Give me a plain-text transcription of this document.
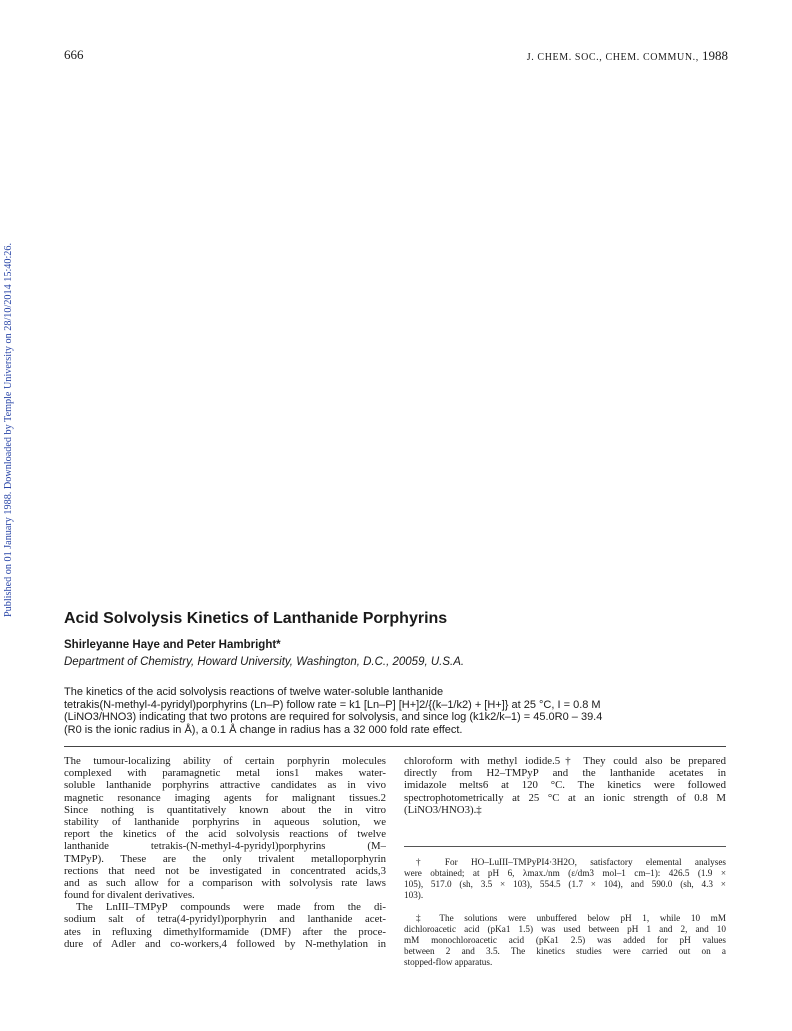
666	J. CHEM. SOC., CHEM. COMMUN., 1988
Published on 01 January 1988. Downloaded by Temple University on 28/10/2014 15:40:26.
Acid Solvolysis Kinetics of Lanthanide Porphyrins
Shirleyanne Haye and Peter Hambright*
Department of Chemistry, Howard University, Washington, D.C., 20059, U.S.A.
The kinetics of the acid solvolysis reactions of twelve water-soluble lanthanide
tetrakis(N-methyl-4-pyridyl)porphyrins (Ln–P) follow rate = k1 [Ln–P] [H+]2/{(k–1/k2) + [H+]} at 25 °C, I = 0.8 M
(LiNO3/HNO3) indicating that two protons are required for solvolysis, and since log (k1k2/k–1) = 45.0R0 – 39.4
(R0 is the ionic radius in Å), a 0.1 Å change in radius has a 32 000 fold rate effect.
The tumour-localizing ability of certain porphyrin molecules
complexed with paramagnetic metal ions1 makes water-
soluble lanthanide porphyrins attractive candidates as in vivo
magnetic resonance imaging agents for malignant tissues.2
Since nothing is quantitatively known about the in vitro
stability of lanthanide porphyrins in aqueous solution, we
report the kinetics of the acid solvolysis reactions of twelve
lanthanide tetrakis-(N-methyl-4-pyridyl)porphyrins (M–
TMPyP). These are the only trivalent metalloporphyrin
rections that need not be investigated in concentrated acids,3
and as such allow for a comparison with solvolysis rate laws
found for divalent derivatives.
The LnIII–TMPyP compounds were made from the di-
sodium salt of tetra(4-pyridyl)porphyrin and lanthanide acet-
ates in refluxing dimethylformamide (DMF) after the proce-
dure of Adler and co-workers,4 followed by N-methylation in
chloroform with methyl iodide.5† They could also be prepared
directly from H2–TMPyP and the lanthanide acetates in
imidazole melts6 at 120 °C. The kinetics were followed
spectrophotometrically at 25 °C at an ionic strength of 0.8 M
(LiNO3/HNO3).‡
† For HO–LuIII–TMPyPI4·3H2O, satisfactory elemental analyses
were obtained; at pH 6, λmax./nm (ε/dm3 mol–1 cm–1): 426.5 (1.9 ×
105), 517.0 (sh, 3.5 × 103), 554.5 (1.7 × 104), and 590.0 (sh, 4.3 ×
103).
‡ The solutions were unbuffered below pH 1, while 10 mM
dichloroacetic acid (pKa1 1.5) was used between pH 1 and 2, and 10
mM monochloroacetic acid (pKa1 2.5) was added for pH values
between 2 and 3.5. The kinetics studies were carried out on a
stopped-flow apparatus.
